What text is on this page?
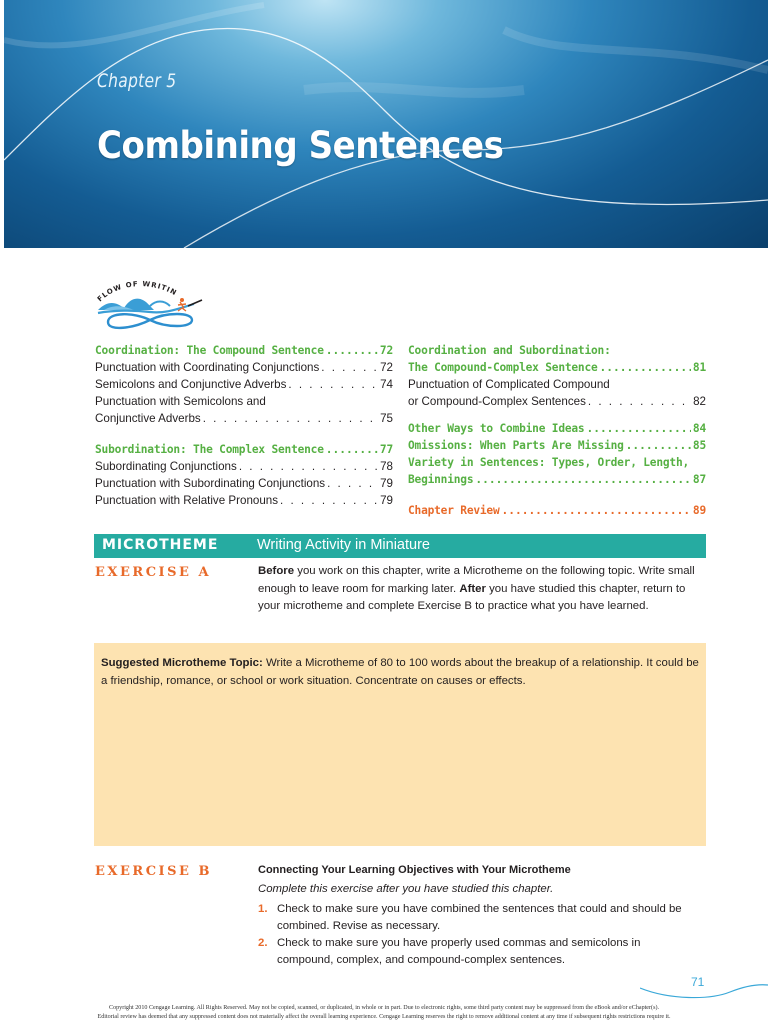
Chapter 5
Combining Sentences
FLOW OF WRITIN
Coordination: The Compound Sentence .....	72
Punctuation with Coordinating Conjunctions . . .	72
Semicolons and Conjunctive Adverbs . . .	74
Punctuation with Semicolons and
Conjunctive Adverbs . . .	75
Subordination: The Complex Sentence .....	77
Subordinating Conjunctions . . .	78
Punctuation with Subordinating Conjunctions . . .	79
Punctuation with Relative Pronouns . . .	79
Coordination and Subordination:
The Compound-Complex Sentence .....	81
Punctuation of Complicated Compound
or Compound-Complex Sentences . . .	82
Other Ways to Combine Ideas .....	84
Omissions: When Parts Are Missing .....	85
Variety in Sentences: Types, Order, Length,
Beginnings .....	87
Chapter Review .....	89
MICROTHEME	Writing Activity in Miniature
EXERCISE A	Before you work on this chapter, write a Microtheme on the following topic. Write small enough to leave room for marking later. After you have studied this chapter, return to your microtheme and complete Exercise B to practice what you have learned.
Suggested Microtheme Topic: Write a Microtheme of 80 to 100 words about the breakup of a relationship. It could be a friendship, romance, or school or work situation. Concentrate on causes or effects.
EXERCISE B	Connecting Your Learning Objectives with Your Microtheme
Complete this exercise after you have studied this chapter.
1. Check to make sure you have combined the sentences that could and should be combined. Revise as necessary.
2. Check to make sure you have properly used commas and semicolons in compound, complex, and compound-complex sentences.
71
Copyright 2010 Cengage Learning. All Rights Reserved. May not be copied, scanned, or duplicated, in whole or in part. Due to electronic rights, some third party content may be suppressed from the eBook and/or eChapter(s).
Editorial review has deemed that any suppressed content does not materially affect the overall learning experience. Cengage Learning reserves the right to remove additional content at any time if subsequent rights restrictions require it.
